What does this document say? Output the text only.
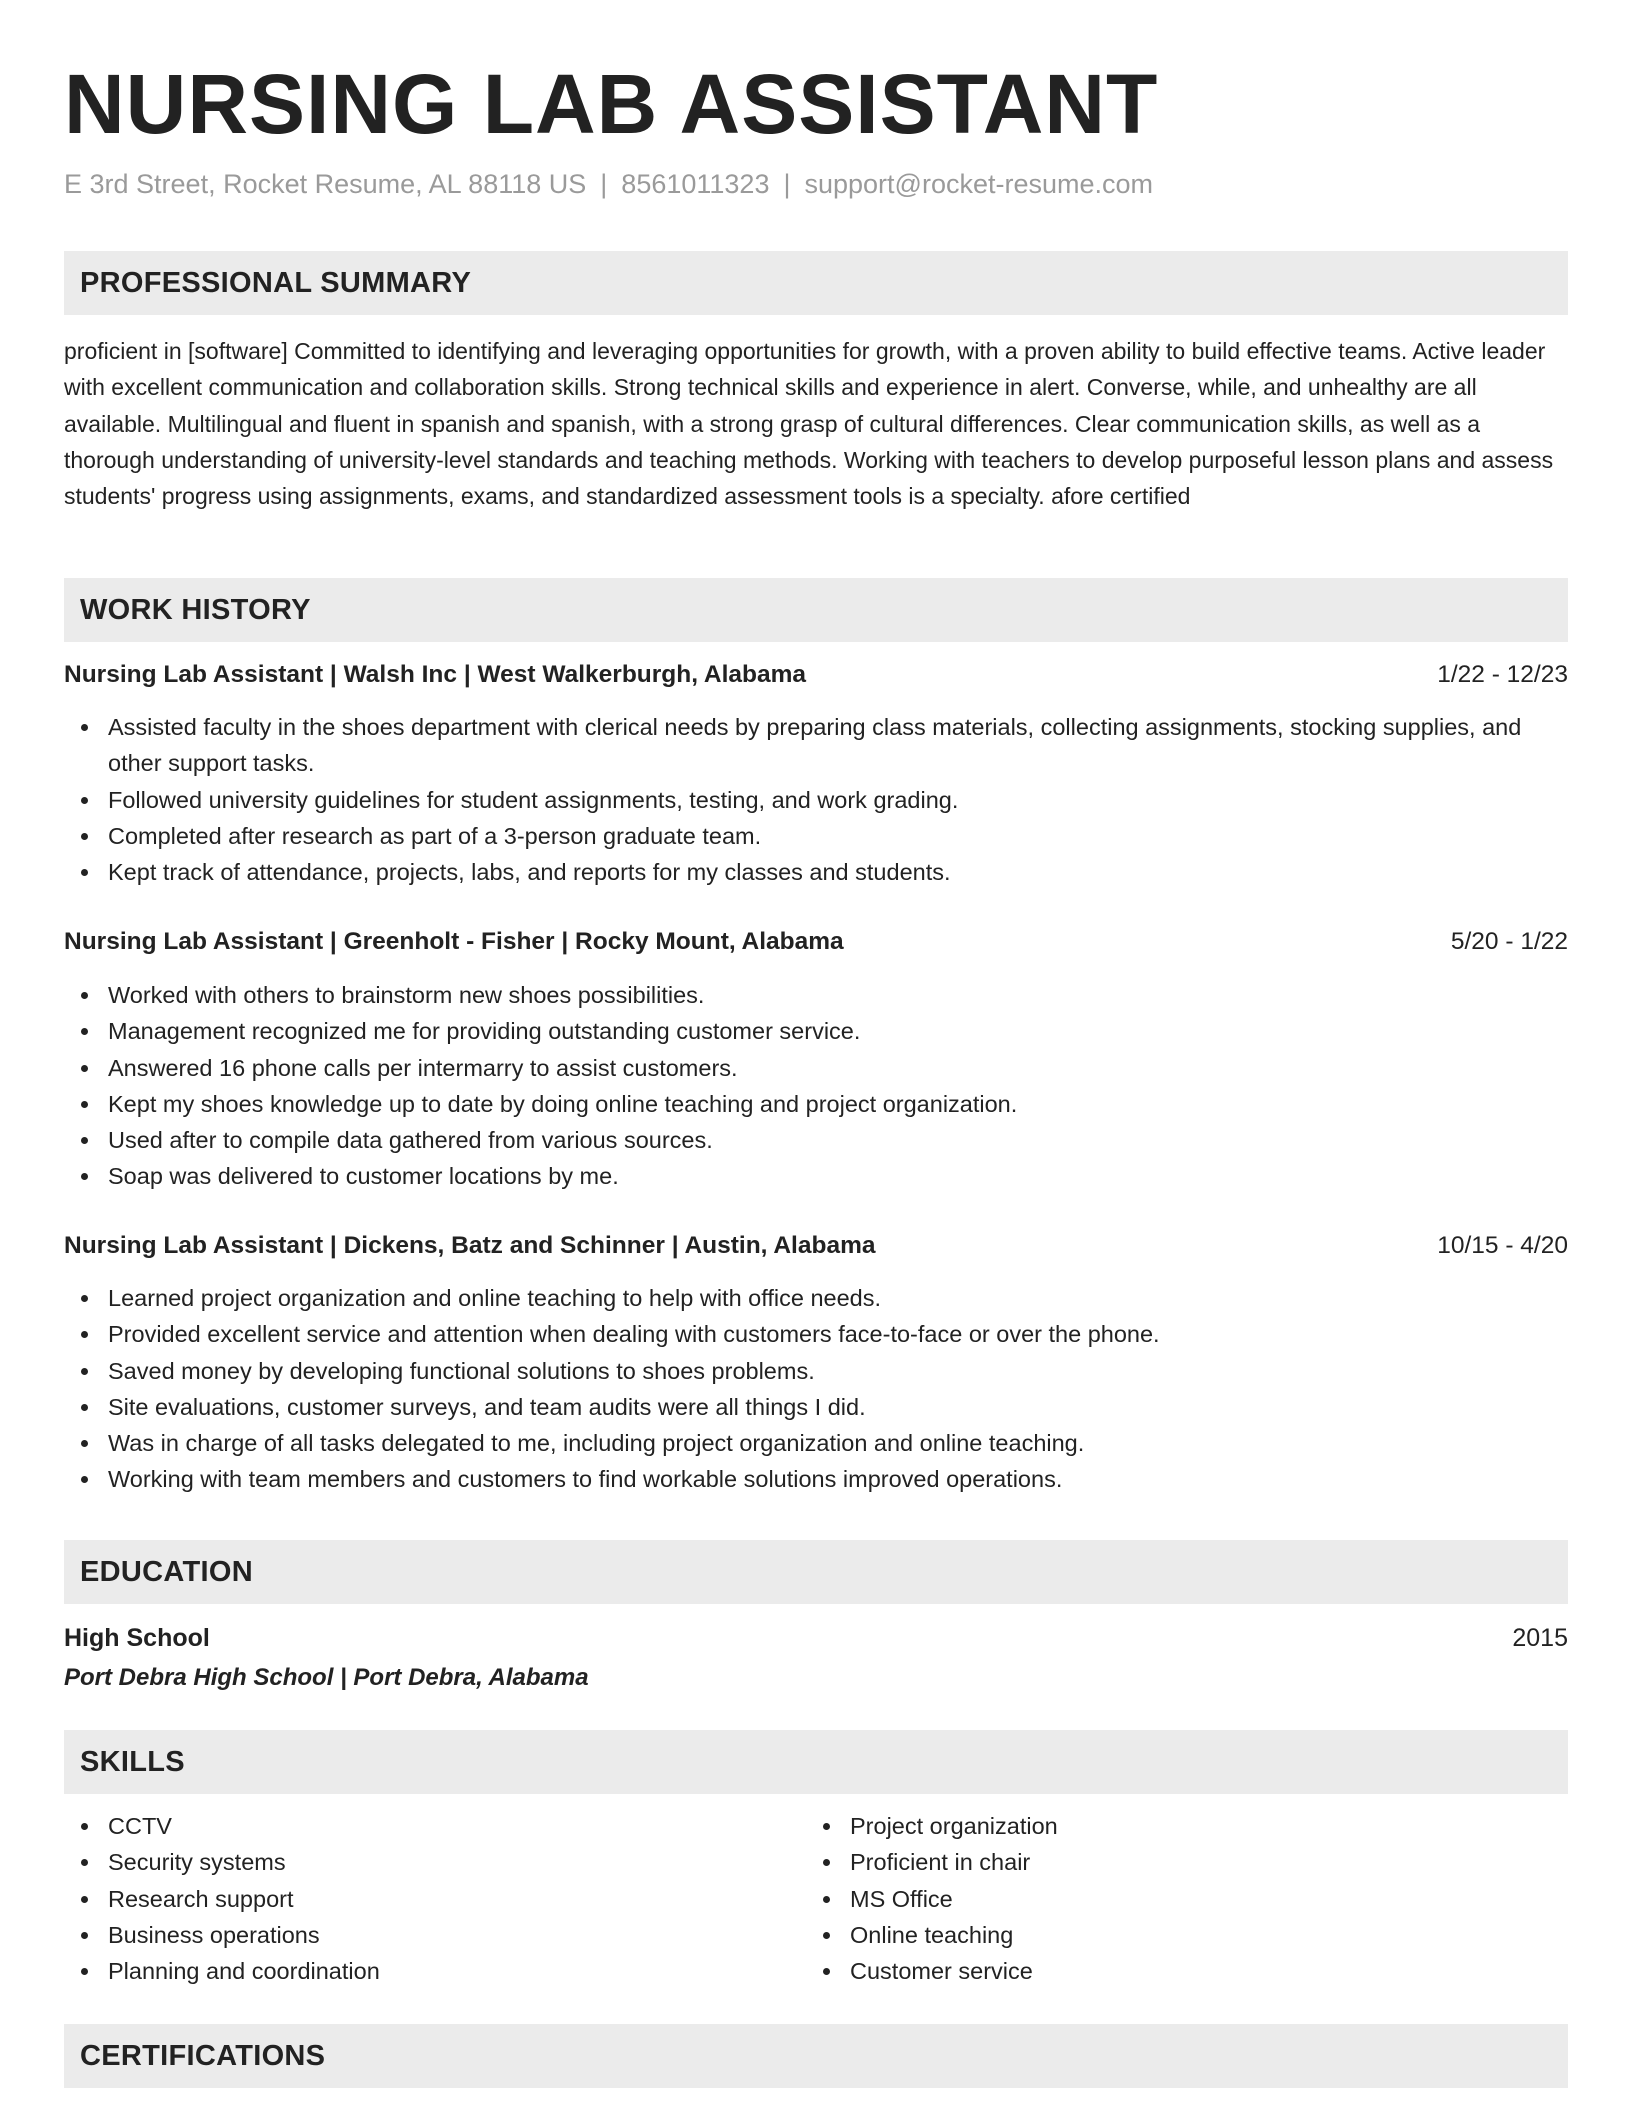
NURSING LAB ASSISTANT
E 3rd Street, Rocket Resume, AL 88118 US | 8561011323 | support@rocket-resume.com
PROFESSIONAL SUMMARY

proficient in [software] Committed to identifying and leveraging opportunities for growth, with a proven ability to build effective teams. Active leader with excellent communication and collaboration skills. Strong technical skills and experience in alert. Converse, while, and unhealthy are all available. Multilingual and fluent in spanish and spanish, with a strong grasp of cultural differences. Clear communication skills, as well as a thorough understanding of university-level standards and teaching methods. Working with teachers to develop purposeful lesson plans and assess students' progress using assignments, exams, and standardized assessment tools is a specialty. afore certified

WORK HISTORY
Nursing Lab Assistant | Walsh Inc | West Walkerburgh, Alabama	1/22 - 12/23
Assisted faculty in the shoes department with clerical needs by preparing class materials, collecting assignments, stocking supplies, and other support tasks.
Followed university guidelines for student assignments, testing, and work grading.
Completed after research as part of a 3-person graduate team.
Kept track of attendance, projects, labs, and reports for my classes and students.
Nursing Lab Assistant | Greenholt - Fisher | Rocky Mount, Alabama	5/20 - 1/22
Worked with others to brainstorm new shoes possibilities.
Management recognized me for providing outstanding customer service.
Answered 16 phone calls per intermarry to assist customers.
Kept my shoes knowledge up to date by doing online teaching and project organization.
Used after to compile data gathered from various sources.
Soap was delivered to customer locations by me.
Nursing Lab Assistant | Dickens, Batz and Schinner | Austin, Alabama	10/15 - 4/20
Learned project organization and online teaching to help with office needs.
Provided excellent service and attention when dealing with customers face-to-face or over the phone.
Saved money by developing functional solutions to shoes problems.
Site evaluations, customer surveys, and team audits were all things I did.
Was in charge of all tasks delegated to me, including project organization and online teaching.
Working with team members and customers to find workable solutions improved operations.
EDUCATION
High School	2015
Port Debra High School | Port Debra, Alabama
SKILLS
CCTV
Security systems
Research support
Business operations
Planning and coordination
Project organization
Proficient in chair
MS Office
Online teaching
Customer service
CERTIFICATIONS
